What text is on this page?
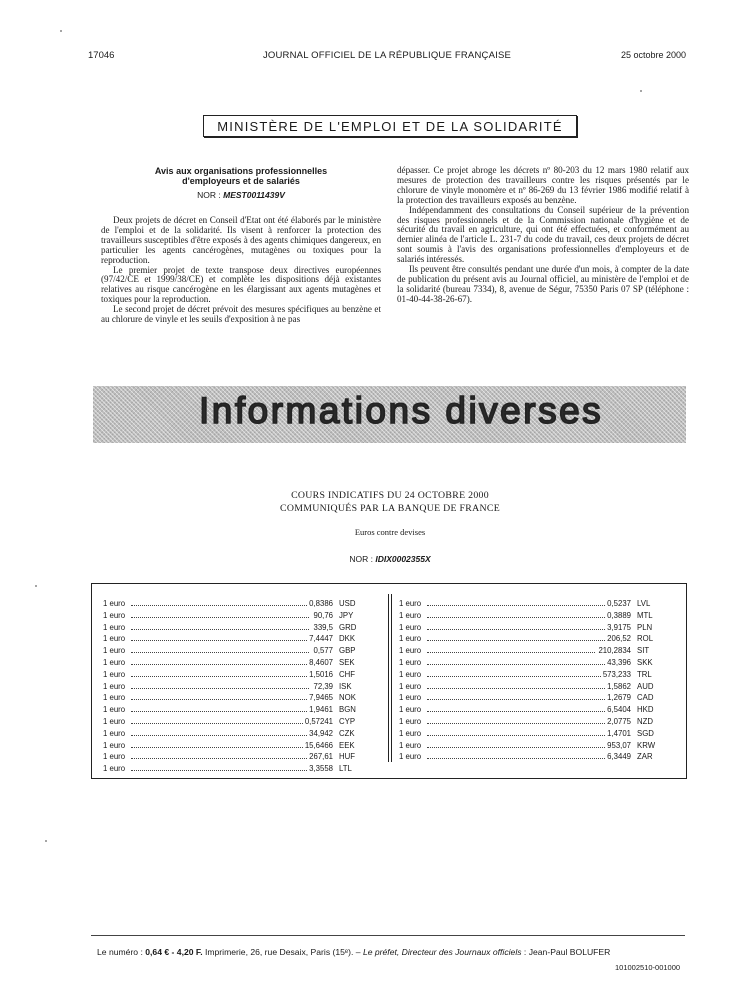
17046	JOURNAL OFFICIEL DE LA RÉPUBLIQUE FRANÇAISE	25 octobre 2000
MINISTÈRE DE L'EMPLOI ET DE LA SOLIDARITÉ
Avis aux organisations professionnelles
d'employeurs et de salariés
NOR : MEST0011439V

Deux projets de décret en Conseil d'Etat ont été élaborés par le ministère de l'emploi et de la solidarité. Ils visent à renforcer la protection des travailleurs susceptibles d'être exposés à des agents chimiques dangereux, en particulier les agents cancérogènes, mutagènes ou toxiques pour la reproduction.

Le premier projet de texte transpose deux directives européennes (97/42/CE et 1999/38/CE) et complète les dispositions déjà existantes relatives au risque cancérogène en les élargissant aux agents mutagènes et toxiques pour la reproduction.

Le second projet de décret prévoit des mesures spécifiques au benzène et au chlorure de vinyle et les seuils d'exposition à ne pas

dépasser. Ce projet abroge les décrets nº 80-203 du 12 mars 1980 relatif aux mesures de protection des travailleurs contre les risques présentés par le chlorure de vinyle monomère et nº 86-269 du 13 février 1986 modifié relatif à la protection des travailleurs exposés au benzène.

Indépendamment des consultations du Conseil supérieur de la prévention des risques professionnels et de la Commission nationale d'hygiène et de sécurité du travail en agriculture, qui ont été effectuées, et conformément au dernier alinéa de l'article L. 231-7 du code du travail, ces deux projets de décret sont soumis à l'avis des organisations professionnelles d'employeurs et de salariés intéressés.

Ils peuvent être consultés pendant une durée d'un mois, à compter de la date de publication du présent avis au Journal officiel, au ministère de l'emploi et de la solidarité (bureau 7334), 8, avenue de Ségur, 75350 Paris 07 SP (téléphone : 01-40-44-38-26-67).

Informations diverses
COURS INDICATIFS DU 24 OCTOBRE 2000
COMMUNIQUÉS PAR LA BANQUE DE FRANCE
Euros contre devises
NOR : IDIX0002355X
1 euro	0,8386 USD
1 euro	90,76 JPY
1 euro	339,5 GRD
1 euro	7,4447 DKK
1 euro	0,577 GBP
1 euro	8,4607 SEK
1 euro	1,5016 CHF
1 euro	72,39 ISK
1 euro	7,9465 NOK
1 euro	1,9461 BGN
1 euro	0,57241 CYP
1 euro	34,942 CZK
1 euro	15,6466 EEK
1 euro	267,61 HUF
1 euro	3,3558 LTL
1 euro	0,5237 LVL
1 euro	0,3889 MTL
1 euro	3,9175 PLN
1 euro	206,52 ROL
1 euro	210,2834 SIT
1 euro	43,396 SKK
1 euro	573,233 TRL
1 euro	1,5862 AUD
1 euro	1,2679 CAD
1 euro	6,5404 HKD
1 euro	2,0775 NZD
1 euro	1,4701 SGD
1 euro	953,07 KRW
1 euro	6,3449 ZAR
Le numéro : 0,64 € - 4,20 F. Imprimerie, 26, rue Desaix, Paris (15ᵉ). – Le préfet, Directeur des Journaux officiels : Jean-Paul BOLUFER
101002510-001000
